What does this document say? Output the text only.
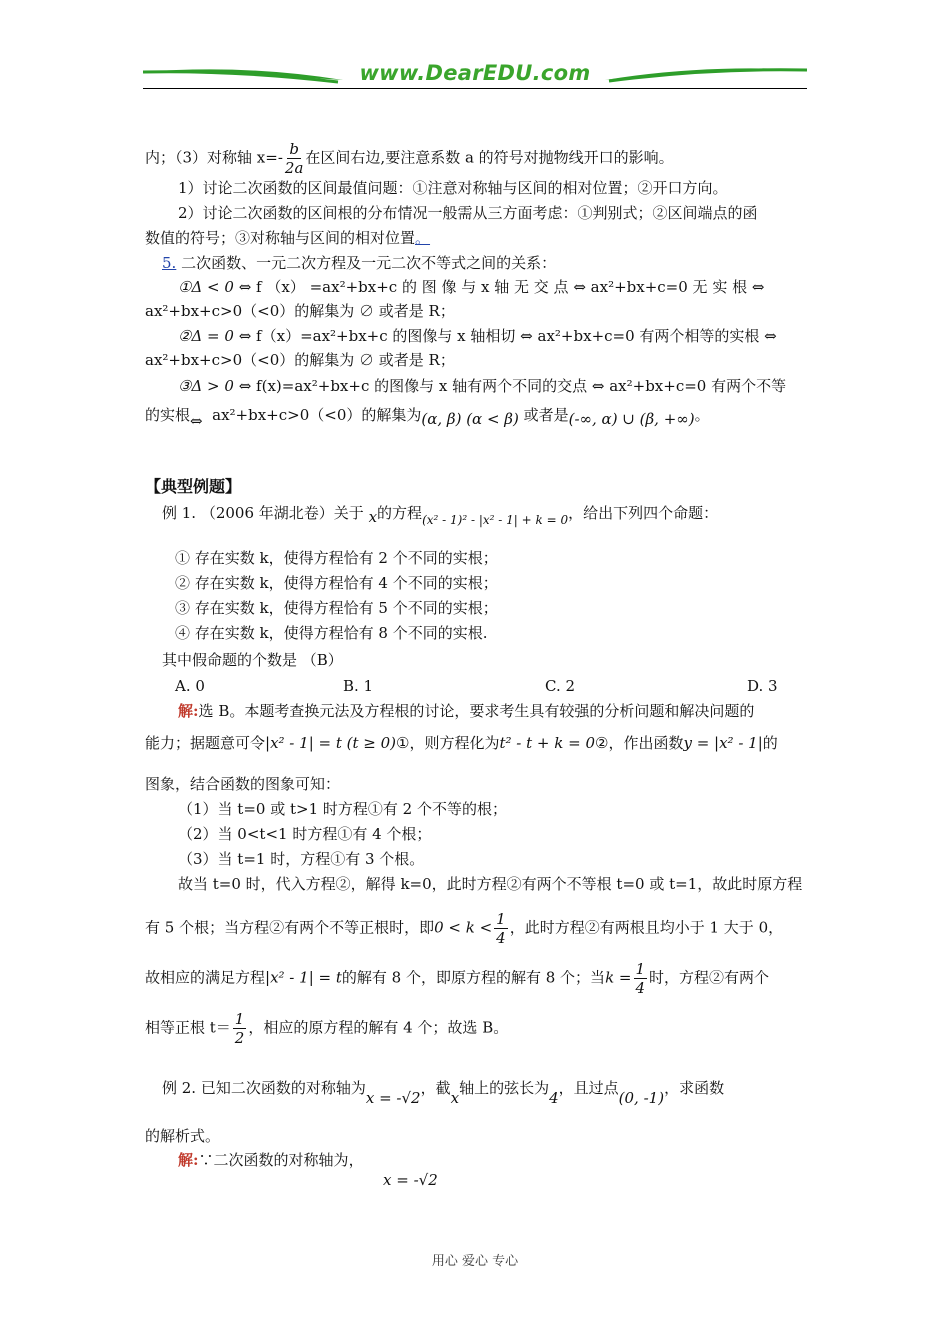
www.DearEDU.com
内；（3）对称轴 $x=- \frac{b}{2a}$ 在区间右边,要注意系数 a 的符号对抛物线开口的影响。
1）讨论二次函数的区间最值问题：①注意对称轴与区间的相对位置；②开口方向。
2）讨论二次函数的区间根的分布情况一般需从三方面考虑：①判别式；②区间端点的函
数值的符号；③对称轴与区间的相对位置。
5. 二次函数、一元二次方程及一元二次不等式之间的关系：
①Δ < 0 ⇔ f （x） =ax²+bx+c 的 图 像 与 x 轴 无 交 点 ⇔ ax²+bx+c=0 无 实 根 ⇔
ax²+bx+c>0（<0）的解集为 ∅ 或者是 R；
②Δ = 0 ⇔ f（x）=ax²+bx+c 的图像与 x 轴相切 ⇔ ax²+bx+c=0 有两个相等的实根 ⇔
ax²+bx+c>0（<0）的解集为 ∅ 或者是 R；
③Δ > 0 ⇔ f(x)=ax²+bx+c 的图像与 x 轴有两个不同的交点 ⇔ ax²+bx+c=0 有两个不等
的实根⇔ ax²+bx+c>0（<0）的解集为(α, β) (α < β) 或者是(-∞, α) ∪ (β, +∞)。
【典型例题】
例 1. （2006 年湖北卷）关于 x的方程$_{(x^2 - 1)^2 - |x^2 - 1| + k = 0}$，给出下列四个命题：
① 存在实数 k，使得方程恰有 2 个不同的实根；
② 存在实数 k，使得方程恰有 4 个不同的实根；
③ 存在实数 k，使得方程恰有 5 个不同的实根；
④ 存在实数 k，使得方程恰有 8 个不同的实根.
其中假命题的个数是 （B）
A. 0	B. 1	C. 2	D. 3
解:选 B。本题考查换元法及方程根的讨论，要求考生具有较强的分析问题和解决问题的
能力；据题意可令|x² - 1| = t (t ≥ 0)①，则方程化为t² - t + k = 0②，作出函数y = |x² - 1|的
图象，结合函数的图象可知：
（1）当 t=0 或 t>1 时方程①有 2 个不等的根；
（2）当 0<t<1 时方程①有 4 个根；
（3）当 t=1 时，方程①有 3 个根。
故当 t=0 时，代入方程②，解得 k=0，此时方程②有两个不等根 t=0 或 t=1，故此时原方程
有 5 个根；当方程②有两个不等正根时，即$0 < k < \frac{1}{4}$ ，此时方程②有两根且均小于 1 大于 0，
故相应的满足方程|x² - 1| = t的解有 8 个，即原方程的解有 8 个；当$k = \frac{1}{4}$ 时，方程②有两个
相等正根 $t= \frac{1}{2}$ ，相应的原方程的解有 4 个；故选 B。
例 2. 已知二次函数的对称轴为x = -√2，截x轴上的弦长为4，且过点(0, -1)，求函数
的解析式。
解:∵二次函数的对称轴为，
x = -√2
用心 爱心 专心
